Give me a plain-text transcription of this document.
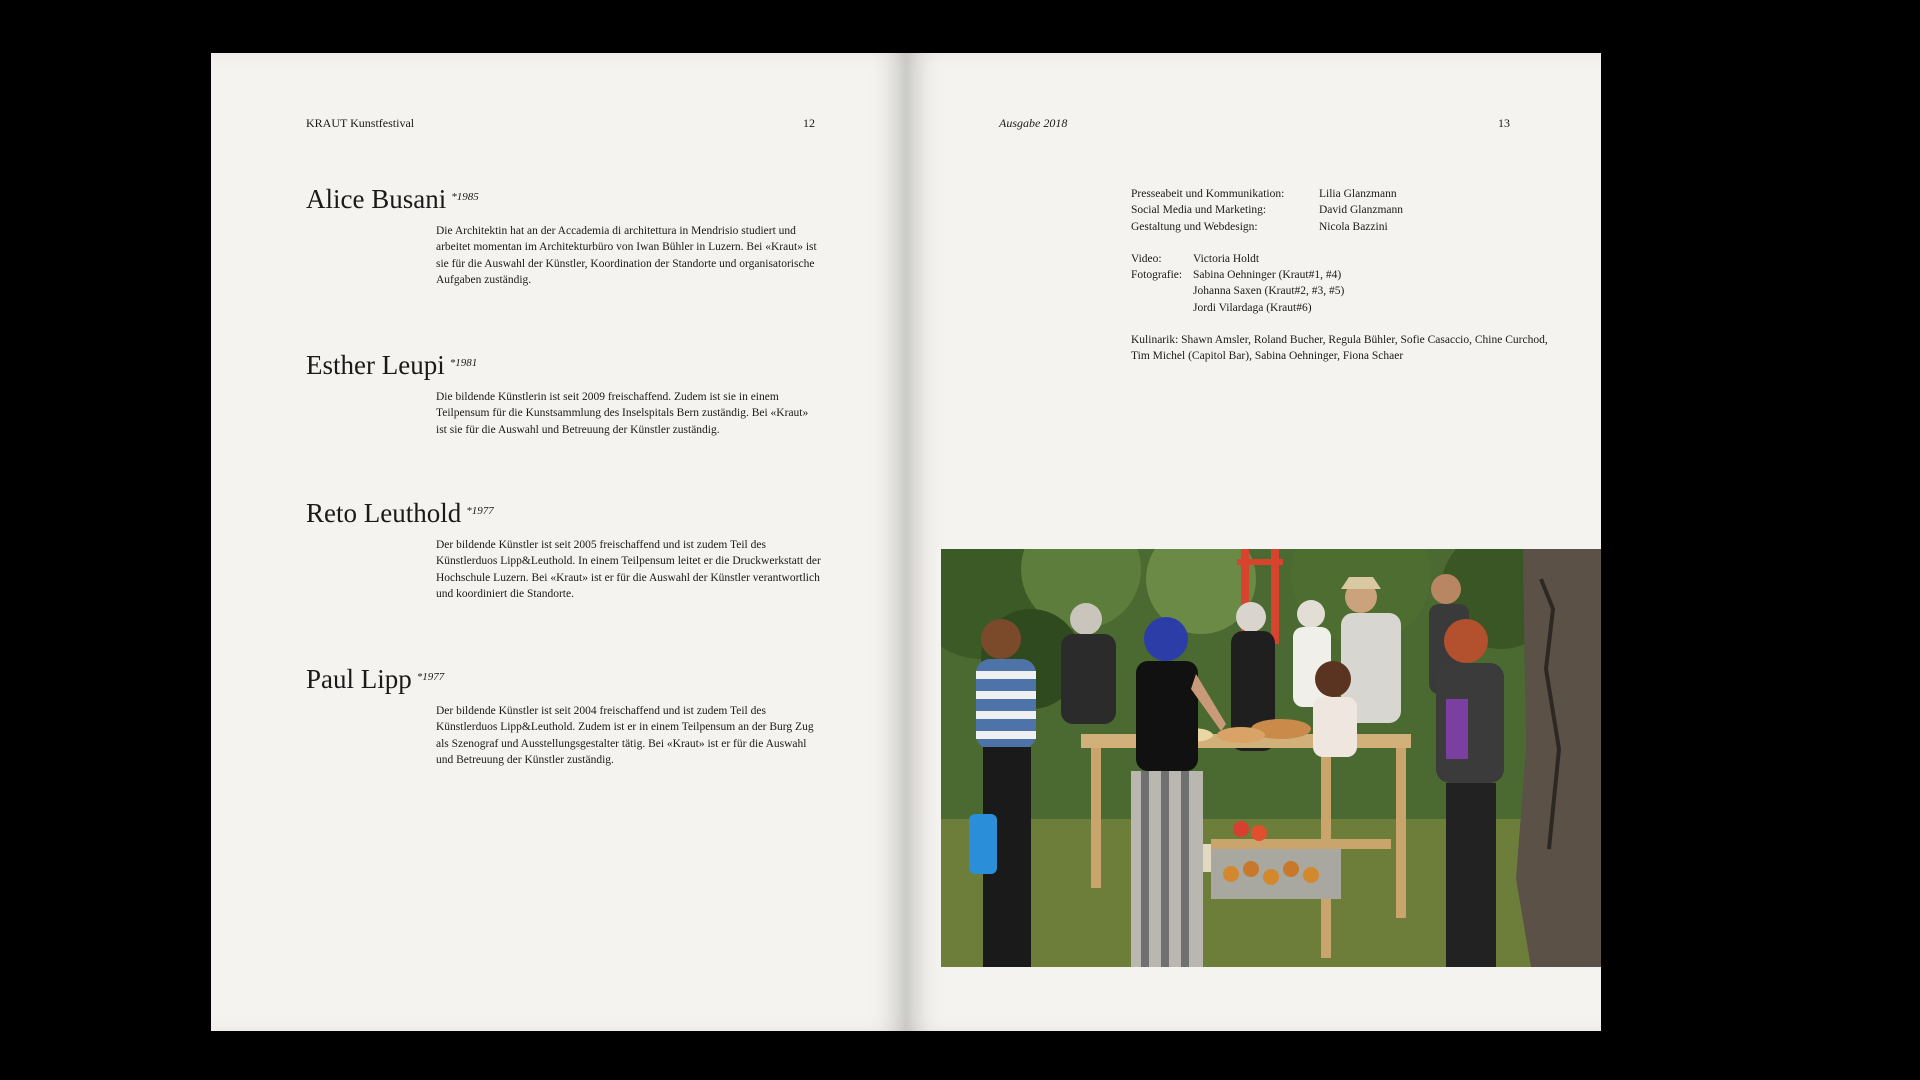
KRAUT Kunstfestival	12
Alice Busani $^{*1985}$
Die Architektin hat an der Accademia di architettura in Mendrisio studiert und arbeitet momentan im Architekturbüro von Iwan Bühler in Luzern. Bei «Kraut» ist sie für die Auswahl der Künstler, Koordination der Standorte und organisatorische Aufgaben zuständig.
Esther Leupi $^{*1981}$
Die bildende Künstlerin ist seit 2009 freischaffend. Zudem ist sie in einem Teilpensum für die Kunstsammlung des Inselspitals Bern zuständig. Bei «Kraut» ist sie für die Auswahl und Betreuung der Künstler zuständig.
Reto Leuthold $^{*1977}$
Der bildende Künstler ist seit 2005 freischaffend und ist zudem Teil des Künstlerduos Lipp&Leuthold. In einem Teilpensum leitet er die Druckwerkstatt der Hochschule Luzern. Bei «Kraut» ist er für die Auswahl der Künstler verantwortlich und koordiniert die Standorte.
Paul Lipp $^{*1977}$
Der bildende Künstler ist seit 2004 freischaffend und ist zudem Teil des Künstlerduos Lipp&Leuthold. Zudem ist er in einem Teilpensum an der Burg Zug als Szenograf und Ausstellungsgestalter tätig. Bei «Kraut» ist er für die Auswahl und Betreuung der Künstler zuständig.
Ausgabe 2018	13
Presseabeit und Kommunikation:	Lilia Glanzmann
Social Media und Marketing:	David Glanzmann
Gestaltung und Webdesign:	Nicola Bazzini
Video:	Victoria Holdt
Fotografie: Sabina Oehninger (Kraut#1, #4)
Johanna Saxen (Kraut#2, #3, #5)
Jordi Vilardaga (Kraut#6)
Kulinarik: Shawn Amsler, Roland Bucher, Regula Bühler, Sofie Casaccio, Chine Curchod, Tim Michel (Capitol Bar), Sabina Oehninger, Fiona Schaer
